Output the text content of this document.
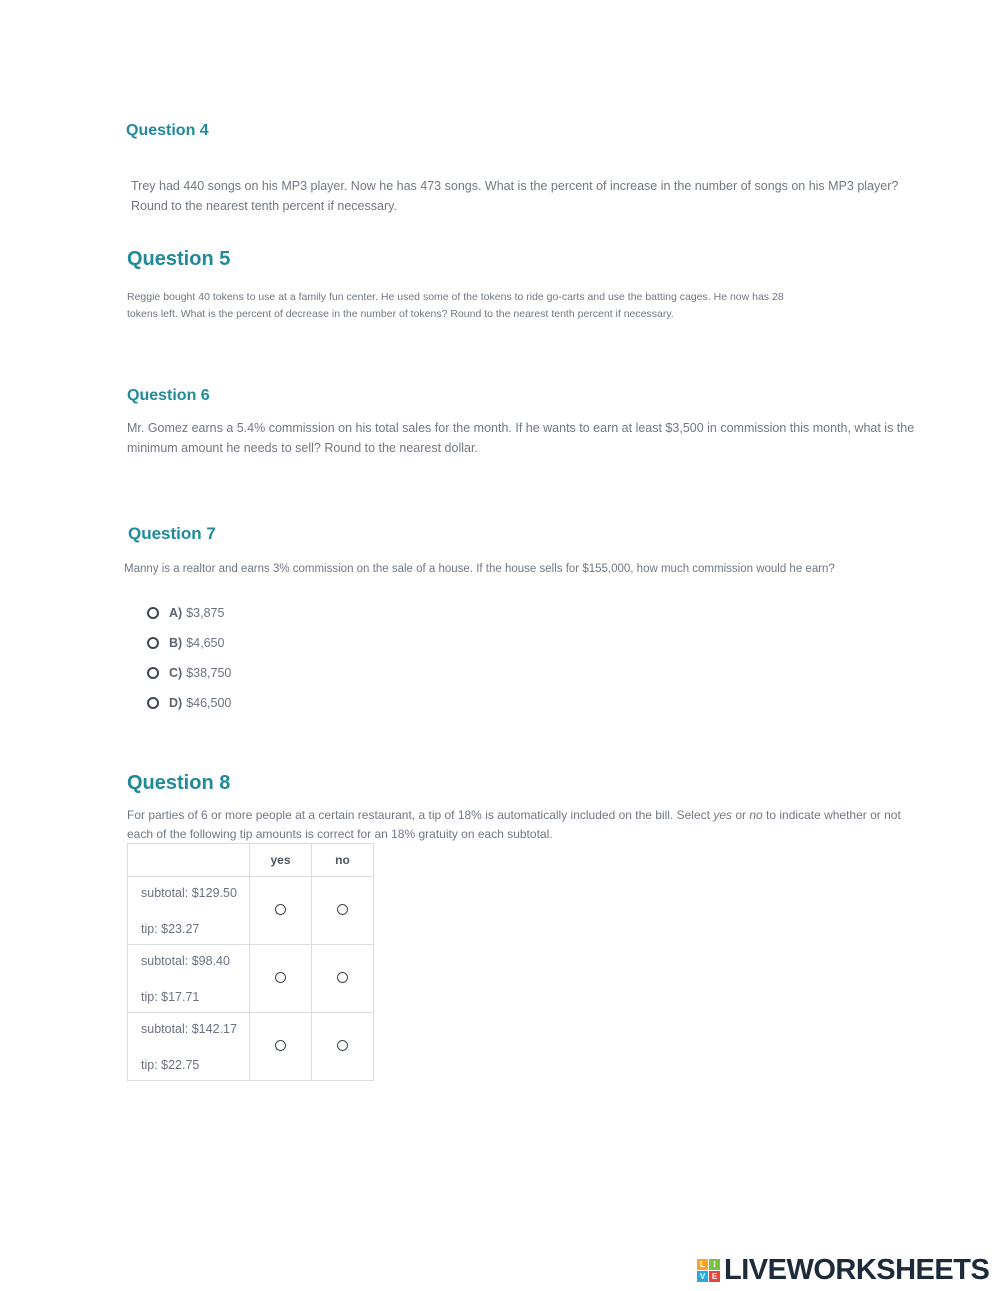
Question 4
Trey had 440 songs on his MP3 player. Now he has 473 songs. What is the percent of increase in the number of songs on his MP3 player?
Round to the nearest tenth percent if necessary.
Question 5
Reggie bought 40 tokens to use at a family fun center. He used some of the tokens to ride go-carts and use the batting cages. He now has 28
tokens left. What is the percent of decrease in the number of tokens? Round to the nearest tenth percent if necessary.
Question 6
Mr. Gomez earns a 5.4% commission on his total sales for the month. If he wants to earn at least $3,500 in commission this month, what is the
minimum amount he needs to sell? Round to the nearest dollar.
Question 7
Manny is a realtor and earns 3% commission on the sale of a house. If the house sells for $155,000, how much commission would he earn?
A) $3,875
B) $4,650
C) $38,750
D) $46,500
Question 8
For parties of 6 or more people at a certain restaurant, a tip of 18% is automatically included on the bill. Select yes or no to indicate whether or not
each of the following tip amounts is correct for an 18% gratuity on each subtotal.
	yes	no

subtotal: $129.50
tip: $23.27		

subtotal: $98.40
tip: $17.71		

subtotal: $142.17
tip: $22.75		

L	I
V E LIVEWORKSHEETS
